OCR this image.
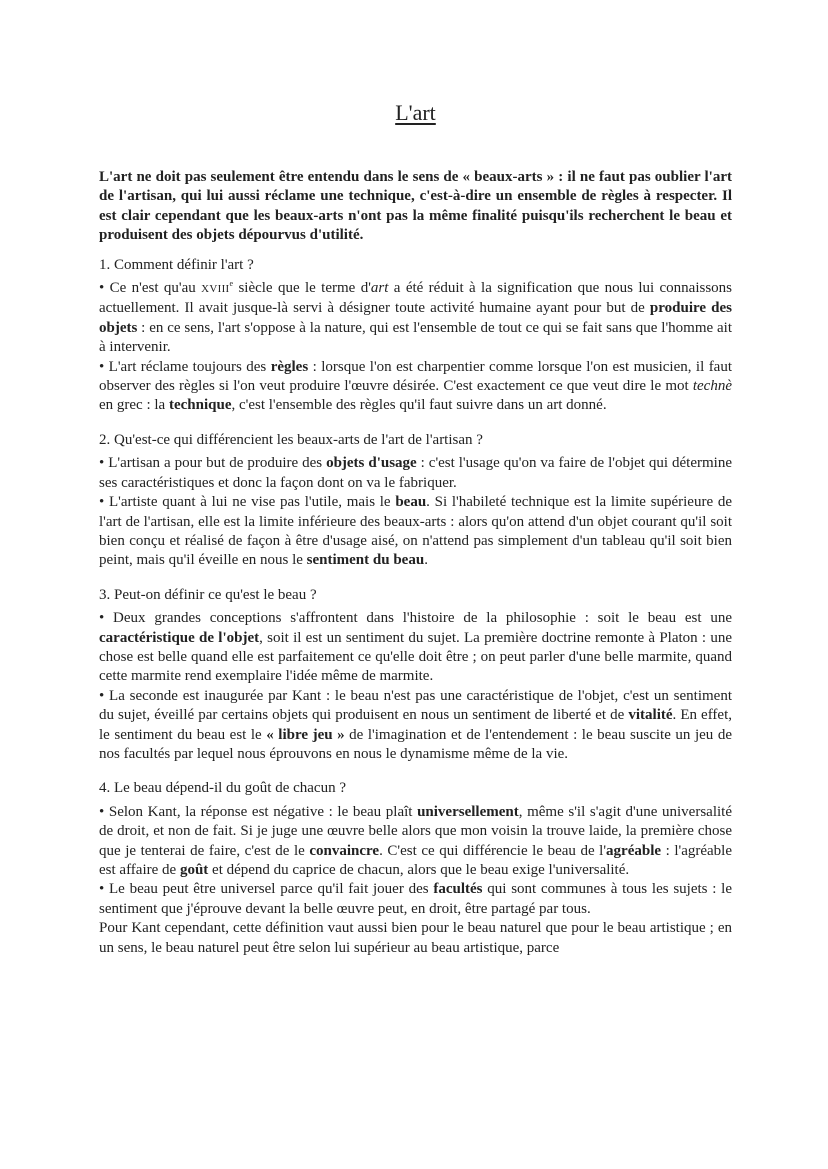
L'art

L'art ne doit pas seulement être entendu dans le sens de « beaux-arts » : il ne faut pas oublier l'art de l'artisan, qui lui aussi réclame une technique, c'est-à-dire un ensemble de règles à respecter. Il est clair cependant que les beaux-arts n'ont pas la même finalité puisqu'ils recherchent le beau et produisent des objets dépourvus d'utilité.

1. Comment définir l'art ?

• Ce n'est qu'au XVIIIe siècle que le terme d'art a été réduit à la signification que nous lui connaissons actuellement. Il avait jusque-là servi à désigner toute activité humaine ayant pour but de produire des objets : en ce sens, l'art s'oppose à la nature, qui est l'ensemble de tout ce qui se fait sans que l'homme ait à intervenir.

• L'art réclame toujours des règles : lorsque l'on est charpentier comme lorsque l'on est musicien, il faut observer des règles si l'on veut produire l'œuvre désirée. C'est exactement ce que veut dire le mot technè en grec : la technique, c'est l'ensemble des règles qu'il faut suivre dans un art donné.

2. Qu'est-ce qui différencient les beaux-arts de l'art de l'artisan ?

• L'artisan a pour but de produire des objets d'usage : c'est l'usage qu'on va faire de l'objet qui détermine ses caractéristiques et donc la façon dont on va le fabriquer.

• L'artiste quant à lui ne vise pas l'utile, mais le beau. Si l'habileté technique est la limite supérieure de l'art de l'artisan, elle est la limite inférieure des beaux-arts : alors qu'on attend d'un objet courant qu'il soit bien conçu et réalisé de façon à être d'usage aisé, on n'attend pas simplement d'un tableau qu'il soit bien peint, mais qu'il éveille en nous le sentiment du beau.

3. Peut-on définir ce qu'est le beau ?

• Deux grandes conceptions s'affrontent dans l'histoire de la philosophie : soit le beau est une caractéristique de l'objet, soit il est un sentiment du sujet. La première doctrine remonte à Platon : une chose est belle quand elle est parfaitement ce qu'elle doit être ; on peut parler d'une belle marmite, quand cette marmite rend exemplaire l'idée même de marmite.

• La seconde est inaugurée par Kant : le beau n'est pas une caractéristique de l'objet, c'est un sentiment du sujet, éveillé par certains objets qui produisent en nous un sentiment de liberté et de vitalité. En effet, le sentiment du beau est le « libre jeu » de l'imagination et de l'entendement : le beau suscite un jeu de nos facultés par lequel nous éprouvons en nous le dynamisme même de la vie.

4. Le beau dépend-il du goût de chacun ?

• Selon Kant, la réponse est négative : le beau plaît universellement, même s'il s'agit d'une universalité de droit, et non de fait. Si je juge une œuvre belle alors que mon voisin la trouve laide, la première chose que je tenterai de faire, c'est de le convaincre. C'est ce qui différencie le beau de l'agréable : l'agréable est affaire de goût et dépend du caprice de chacun, alors que le beau exige l'universalité.

• Le beau peut être universel parce qu'il fait jouer des facultés qui sont communes à tous les sujets : le sentiment que j'éprouve devant la belle œuvre peut, en droit, être partagé par tous.

Pour Kant cependant, cette définition vaut aussi bien pour le beau naturel que pour le beau artistique ; en un sens, le beau naturel peut être selon lui supérieur au beau artistique, parce
